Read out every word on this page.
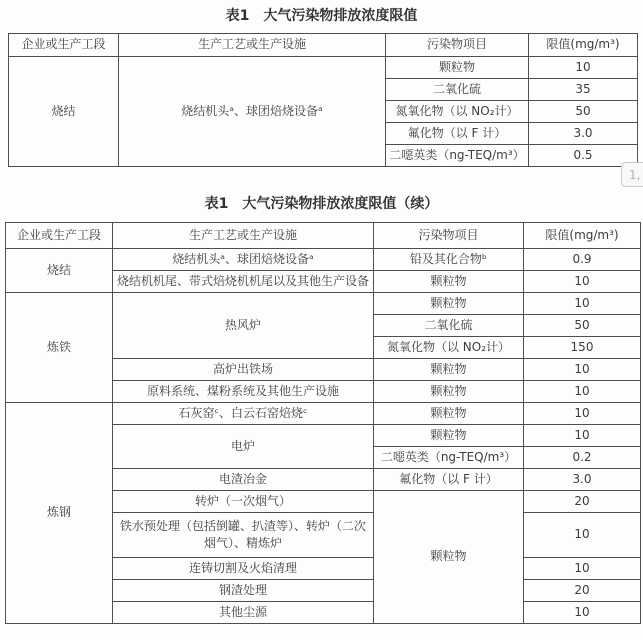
表1　大气污染物排放浓度限值
企业或生产工段	生产工艺或生产设施	污染物项目	限值(mg/m³)
烧结	烧结机头ᵃ、球团焙烧设备ᵃ	颗粒物	10
		二氧化硫	35
		氮氧化物（以 NO₂计）	50
		氟化物（以 F 计）	3.0
		二噁英类（ng-TEQ/m³）	0.5
1,
表1　大气污染物排放浓度限值（续）
企业或生产工段	生产工艺或生产设施	污染物项目	限值(mg/m³)
烧结	烧结机头ᵃ、球团焙烧设备ᵃ	铅及其化合物ᵇ	0.9
	烧结机机尾、带式焙烧机机尾以及其他生产设备	颗粒物	10
炼铁	热风炉	颗粒物	10
		二氧化硫	50
		氮氧化物（以 NO₂计）	150
	高炉出铁场	颗粒物	10
	原料系统、煤粉系统及其他生产设施	颗粒物	10
炼钢	石灰窑ᶜ、白云石窑焙烧ᶜ	颗粒物	10
	电炉	颗粒物	10
		二噁英类（ng-TEQ/m³）	0.2
	电渣冶金	氟化物（以 F 计）	3.0
	转炉（一次烟气）	颗粒物	20
	铁水预处理（包括倒罐、扒渣等）、转炉（二次烟气）、精炼炉		10
	连铸切割及火焰清理		10
	钢渣处理		20
	其他尘源		10
